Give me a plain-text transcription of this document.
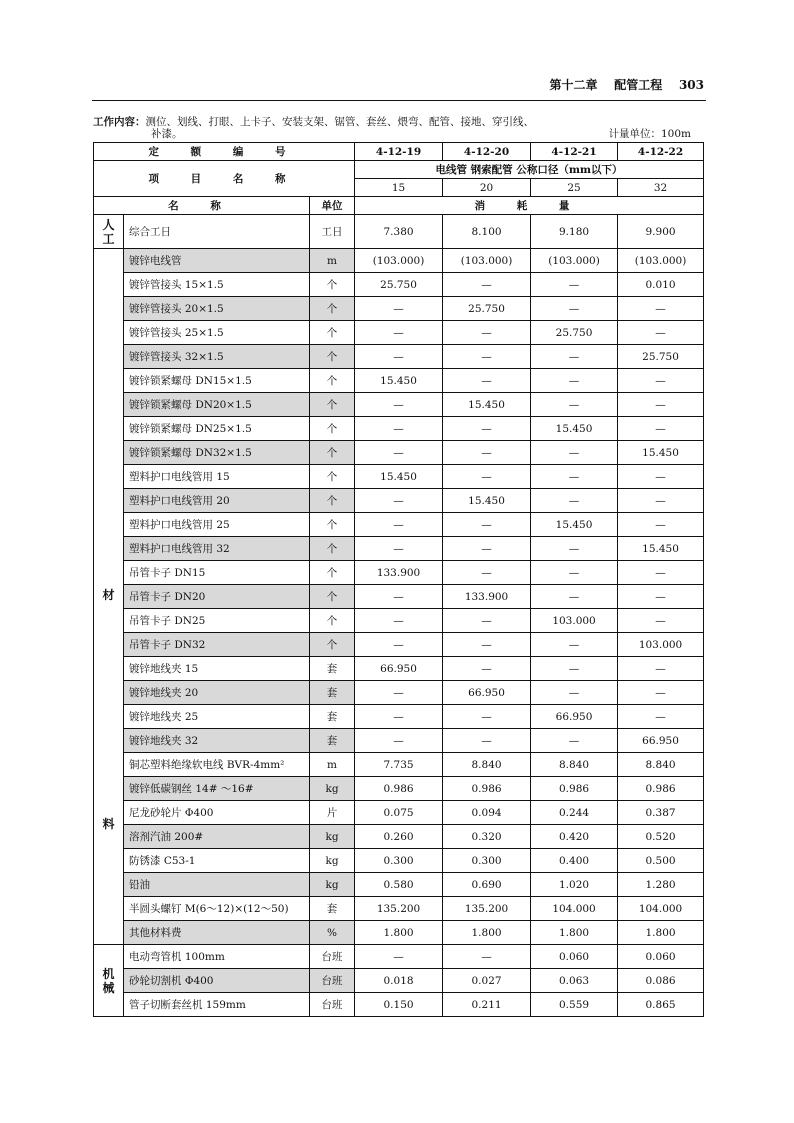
第十二章 配管工程 303
工作内容：测位、划线、打眼、上卡子、安装支架、锯管、套丝、煨弯、配管、接地、穿引线、
补漆。	计量单位：100m
定 额 编 号			4-12-19	4-12-20	4-12-21	4-12-22
项 目 名 称			电线管 钢索配管 公称口径（mm以下）			
			15	20	25	32
名 称		单位	消 耗 量			
人
工	综合工日	工日	7.380	8.100	9.180	9.900

材
料	镀锌电线管	m	(103.000)	(103.000)	(103.000)	(103.000)
	镀锌管接头 15×1.5	个	25.750	—	—	0.010
	镀锌管接头 20×1.5	个	—	25.750	—	—
	镀锌管接头 25×1.5	个	—	—	25.750	—
	镀锌管接头 32×1.5	个	—	—	—	25.750
	镀锌锁紧螺母 DN15×1.5	个	15.450	—	—	—
	镀锌锁紧螺母 DN20×1.5	个	—	15.450	—	—
	镀锌锁紧螺母 DN25×1.5	个	—	—	15.450	—
	镀锌锁紧螺母 DN32×1.5	个	—	—	—	15.450
	塑料护口电线管用 15	个	15.450	—	—	—
	塑料护口电线管用 20	个	—	15.450	—	—
	塑料护口电线管用 25	个	—	—	15.450	—
	塑料护口电线管用 32	个	—	—	—	15.450
	吊管卡子 DN15	个	133.900	—	—	—
	吊管卡子 DN20	个	—	133.900	—	—
	吊管卡子 DN25	个	—	—	103.000	—
	吊管卡子 DN32	个	—	—	—	103.000
	镀锌地线夹 15	套	66.950	—	—	—
	镀锌地线夹 20	套	—	66.950	—	—
	镀锌地线夹 25	套	—	—	66.950	—
	镀锌地线夹 32	套	—	—	—	66.950
	铜芯塑料绝缘软电线 BVR-4mm²	m	7.735	8.840	8.840	8.840
	镀锌低碳钢丝 14# ～16#	kg	0.986	0.986	0.986	0.986
	尼龙砂轮片 Φ400	片	0.075	0.094	0.244	0.387
	溶剂汽油 200#	kg	0.260	0.320	0.420	0.520
	防锈漆 C53-1	kg	0.300	0.300	0.400	0.500
	铅油	kg	0.580	0.690	1.020	1.280
	半圆头螺钉 M(6～12)×(12～50)	套	135.200	135.200	104.000	104.000
	其他材料费	%	1.800	1.800	1.800	1.800
机
械	电动弯管机 100mm	台班	—	—	0.060	0.060
	砂轮切割机 Φ400	台班	0.018	0.027	0.063	0.086
	管子切断套丝机 159mm	台班	0.150	0.211	0.559	0.865
